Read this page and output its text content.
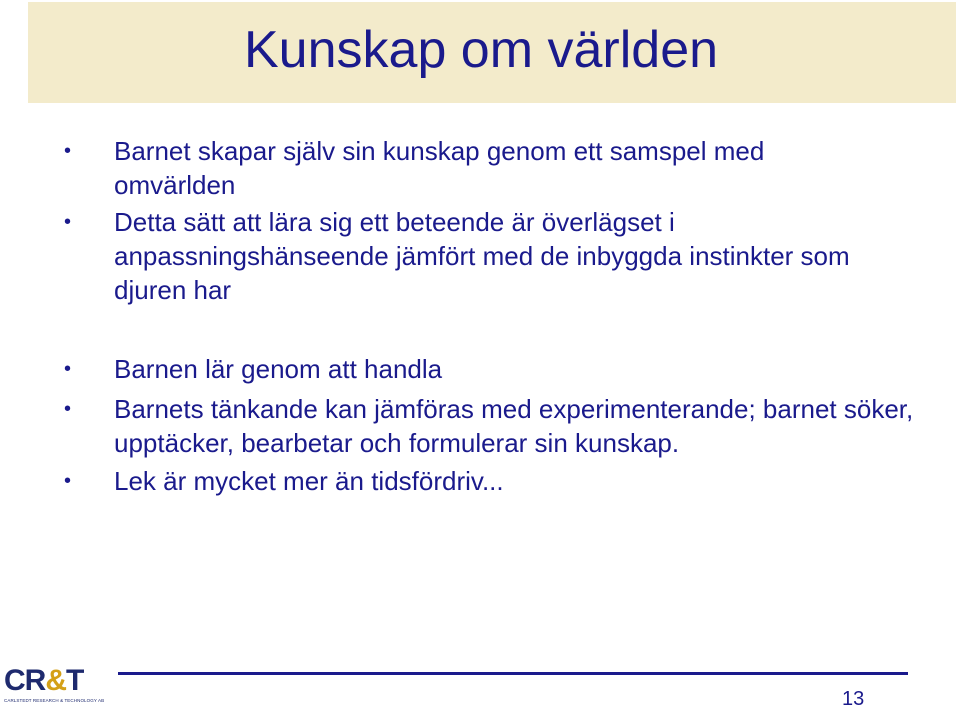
Kunskap om världen
•	Barnet skapar själv sin kunskap genom ett samspel med omvärlden
•	Detta sätt att lära sig ett beteende är överlägset i anpassningshänseende jämfört med de inbyggda instinkter som djuren har
•	Barnen lär genom att handla
•	Barnets tänkande kan jämföras med experimenterande; barnet söker, upptäcker, bearbetar och formulerar sin kunskap.
•	Lek är mycket mer än tidsfördriv...
CR&T
CARLSTEDT RESEARCH & TECHNOLOGY AB	13
